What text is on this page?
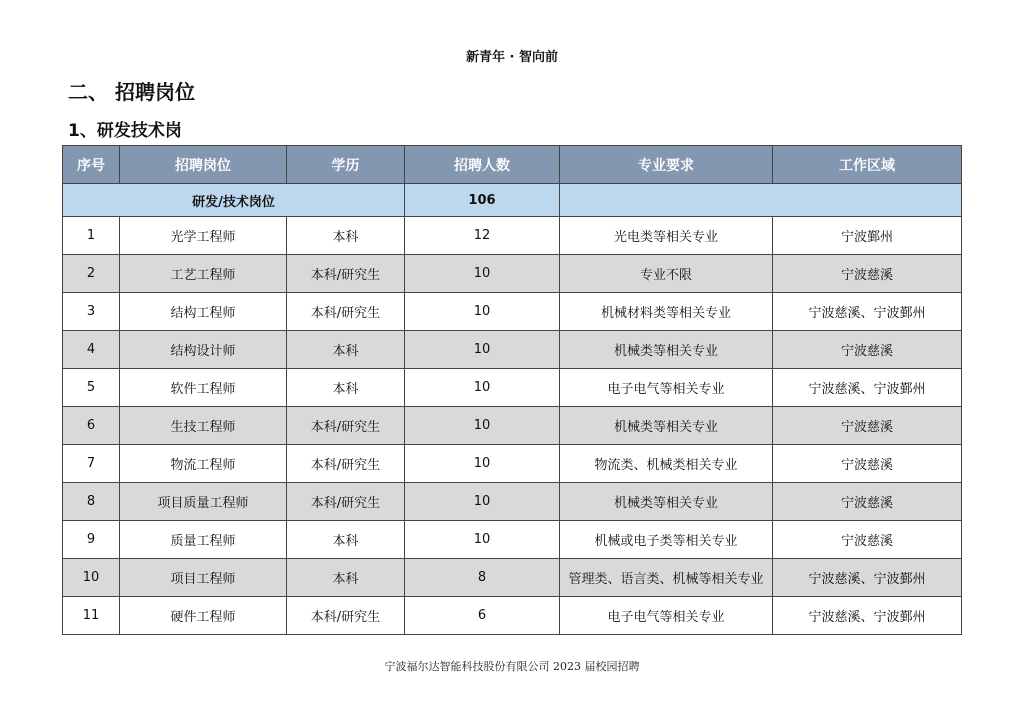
新青年 · 智向前
二、 招聘岗位
1、研发技术岗
序号	招聘岗位	学历	招聘人数	专业要求	工作区域
研发/技术岗位			106		
1	光学工程师	本科	12	光电类等相关专业	宁波鄞州
2	工艺工程师	本科/研究生	10	专业不限	宁波慈溪
3	结构工程师	本科/研究生	10	机械材料类等相关专业	宁波慈溪、宁波鄞州
4	结构设计师	本科	10	机械类等相关专业	宁波慈溪
5	软件工程师	本科	10	电子电气等相关专业	宁波慈溪、宁波鄞州
6	生技工程师	本科/研究生	10	机械类等相关专业	宁波慈溪
7	物流工程师	本科/研究生	10	物流类、机械类相关专业	宁波慈溪
8	项目质量工程师	本科/研究生	10	机械类等相关专业	宁波慈溪
9	质量工程师	本科	10	机械或电子类等相关专业	宁波慈溪
10	项目工程师	本科	8	管理类、语言类、机械等相关专业	宁波慈溪、宁波鄞州
11	硬件工程师	本科/研究生	6	电子电气等相关专业	宁波慈溪、宁波鄞州
宁波福尔达智能科技股份有限公司 2023 届校园招聘
